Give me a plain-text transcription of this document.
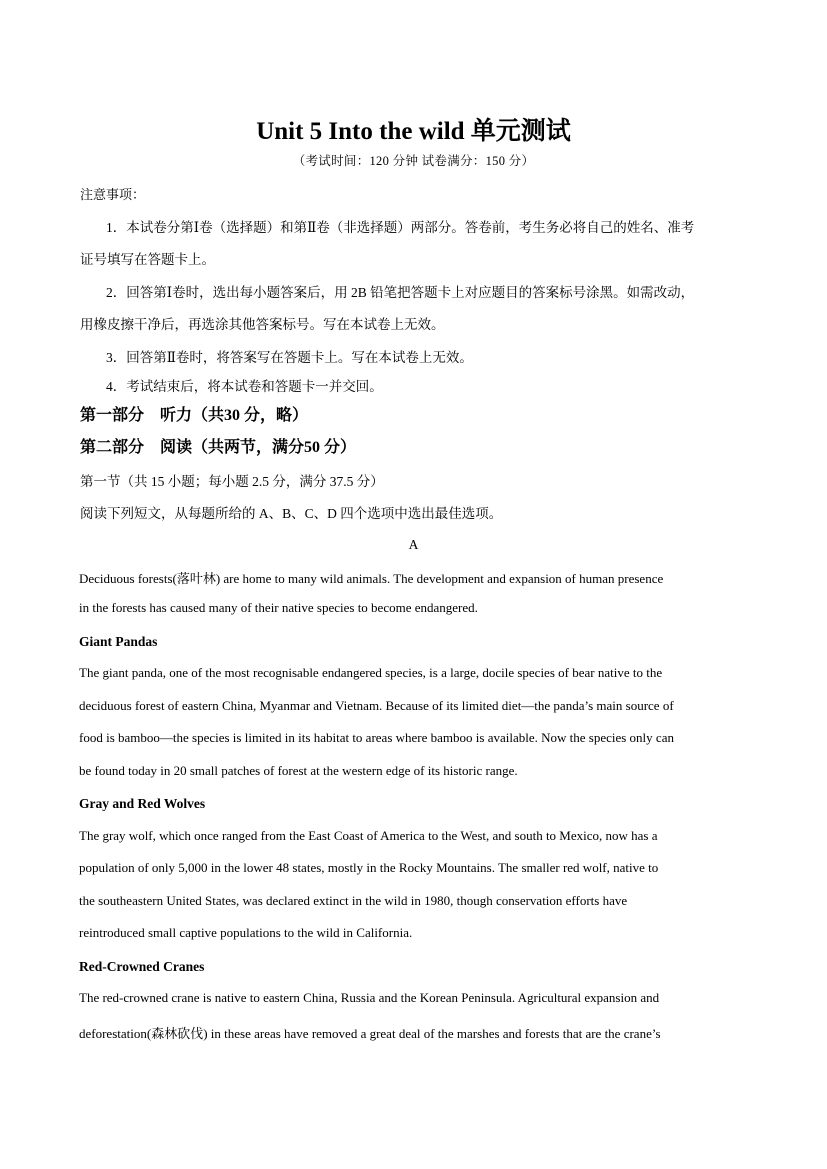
Unit 5 Into the wild 单元测试
（考试时间：120 分钟 试卷满分：150 分）
注意事项：
1．本试卷分第Ⅰ卷（选择题）和第Ⅱ卷（非选择题）两部分。答卷前，考生务必将自己的姓名、准考
证号填写在答题卡上。
2．回答第Ⅰ卷时，选出每小题答案后，用 2B 铅笔把答题卡上对应题目的答案标号涂黑。如需改动，
用橡皮擦干净后，再选涂其他答案标号。写在本试卷上无效。
3．回答第Ⅱ卷时，将答案写在答题卡上。写在本试卷上无效。
4．考试结束后，将本试卷和答题卡一并交回。
第一部分　听力（共30 分，略）
第二部分　阅读（共两节，满分50 分）
第一节（共 15 小题；每小题 2.5 分，满分 37.5 分）
阅读下列短文，从每题所给的 A、B、C、D 四个选项中选出最佳选项。
A
Deciduous forests(落叶林) are home to many wild animals. The development and expansion of human presence
in the forests has caused many of their native species to become endangered.
Giant Pandas
The giant panda, one of the most recognisable endangered species, is a large, docile species of bear native to the
deciduous forest of eastern China, Myanmar and Vietnam. Because of its limited diet—the panda’s main source of
food is bamboo—the species is limited in its habitat to areas where bamboo is available. Now the species only can
be found today in 20 small patches of forest at the western edge of its historic range.
Gray and Red Wolves
The gray wolf, which once ranged from the East Coast of America to the West, and south to Mexico, now has a
population of only 5,000 in the lower 48 states, mostly in the Rocky Mountains. The smaller red wolf, native to
the southeastern United States, was declared extinct in the wild in 1980, though conservation efforts have
reintroduced small captive populations to the wild in California.
Red-Crowned Cranes
The red-crowned crane is native to eastern China, Russia and the Korean Peninsula. Agricultural expansion and
deforestation(森林砍伐) in these areas have removed a great deal of the marshes and forests that are the crane’s
